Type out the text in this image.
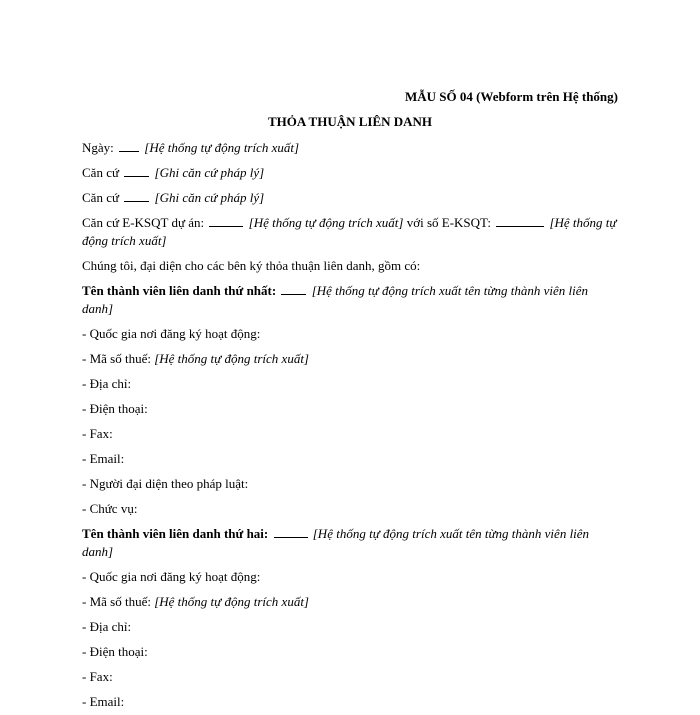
MẪU SỐ 04 (Webform trên Hệ thống)
THỎA THUẬN LIÊN DANH

Ngày: [Hệ thống tự động trích xuất]

Căn cứ	[Ghi căn cứ pháp lý]

Căn cứ	[Ghi căn cứ pháp lý]

Căn cứ E-KSQT dự án:	[Hệ thống tự động trích xuất] với số E-KSQT:	[Hệ thống tự động trích xuất]

Chúng tôi, đại diện cho các bên ký thỏa thuận liên danh, gồm có:

Tên thành viên liên danh thứ nhất:	[Hệ thống tự động trích xuất tên từng thành viên liên danh]

- Quốc gia nơi đăng ký hoạt động:

- Mã số thuế: [Hệ thống tự động trích xuất]

- Địa chỉ:

- Điện thoại:

- Fax:

- Email:

- Người đại diện theo pháp luật:

- Chức vụ:

Tên thành viên liên danh thứ hai:	[Hệ thống tự động trích xuất tên từng thành viên liên danh]

- Quốc gia nơi đăng ký hoạt động:

- Mã số thuế: [Hệ thống tự động trích xuất]

- Địa chỉ:

- Điện thoại:

- Fax:

- Email:
